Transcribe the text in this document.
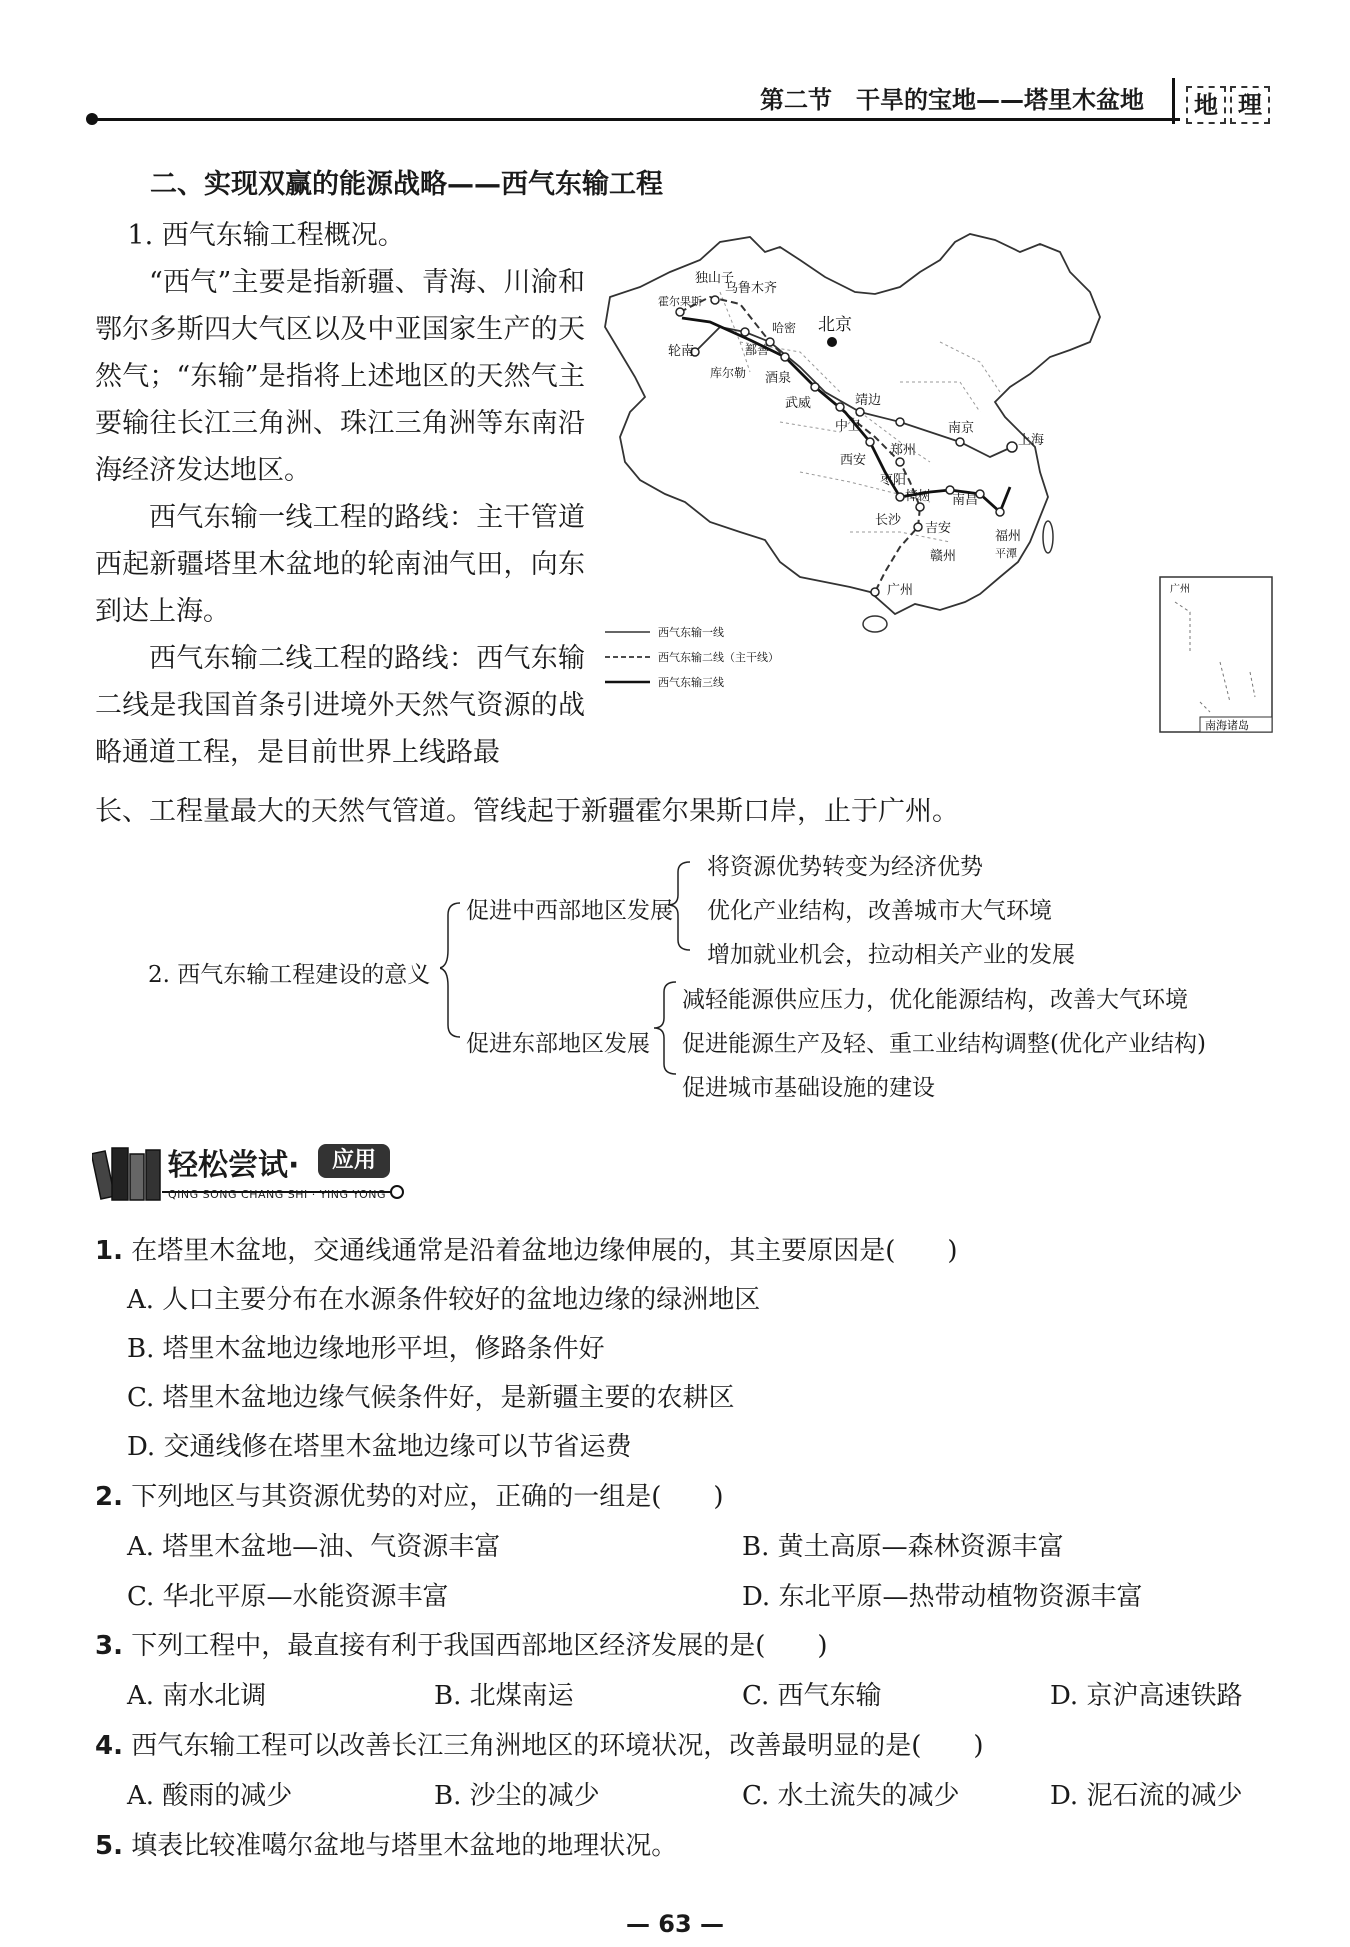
第二节　干旱的宝地——塔里木盆地	地 理
二、实现双赢的能源战略——西气东输工程

1. 西气东输工程概况。

“西气”主要是指新疆、青海、川渝和鄂尔多斯四大气区以及中亚国家生产的天然气；“东输”是指将上述地区的天然气主要输往长江三角洲、珠江三角洲等东南沿海经济发达地区。

西气东输一线工程的路线：主干管道西起新疆塔里木盆地的轮南油气田，向东到达上海。

西气东输二线工程的路线：西气东输二线是我国首条引进境外天然气资源的战略通道工程，是目前世界上线路最

长、工程量最大的天然气管道。管线起于新疆霍尔果斯口岸，止于广州。
独山子
霍尔果斯
乌鲁木齐
轮南
库尔勒
鄯善
哈密
酒泉
北京
武威	靖边
中卫
郑州
西安
南京
上海
枣阳
长沙
樟树 南昌
吉安
福州
平潭
赣州
广州
西气东输一线
西气东输二线（主干线）
西气东输三线
广州
南海诸岛
2. 西气东输工程建设的意义
促进中西部地区发展
将资源优势转变为经济优势
优化产业结构，改善城市大气环境
增加就业机会，拉动相关产业的发展
促进东部地区发展
减轻能源供应压力，优化能源结构，改善大气环境
促进能源生产及轻、重工业结构调整(优化产业结构)
促进城市基础设施的建设
轻松尝试·	应用
QING SONG CHANG SHI · YING YONG
1. 在塔里木盆地，交通线通常是沿着盆地边缘伸展的，其主要原因是(　　)
A. 人口主要分布在水源条件较好的盆地边缘的绿洲地区
B. 塔里木盆地边缘地形平坦，修路条件好
C. 塔里木盆地边缘气候条件好，是新疆主要的农耕区
D. 交通线修在塔里木盆地边缘可以节省运费
2. 下列地区与其资源优势的对应，正确的一组是(　　)
A. 塔里木盆地—油、气资源丰富	B. 黄土高原—森林资源丰富
C. 华北平原—水能资源丰富	D. 东北平原—热带动植物资源丰富
3. 下列工程中，最直接有利于我国西部地区经济发展的是(　　)
A. 南水北调	B. 北煤南运	C. 西气东输	D. 京沪高速铁路
4. 西气东输工程可以改善长江三角洲地区的环境状况，改善最明显的是(　　)
A. 酸雨的减少	B. 沙尘的减少	C. 水土流失的减少	D. 泥石流的减少
5. 填表比较准噶尔盆地与塔里木盆地的地理状况。
— 63 —
